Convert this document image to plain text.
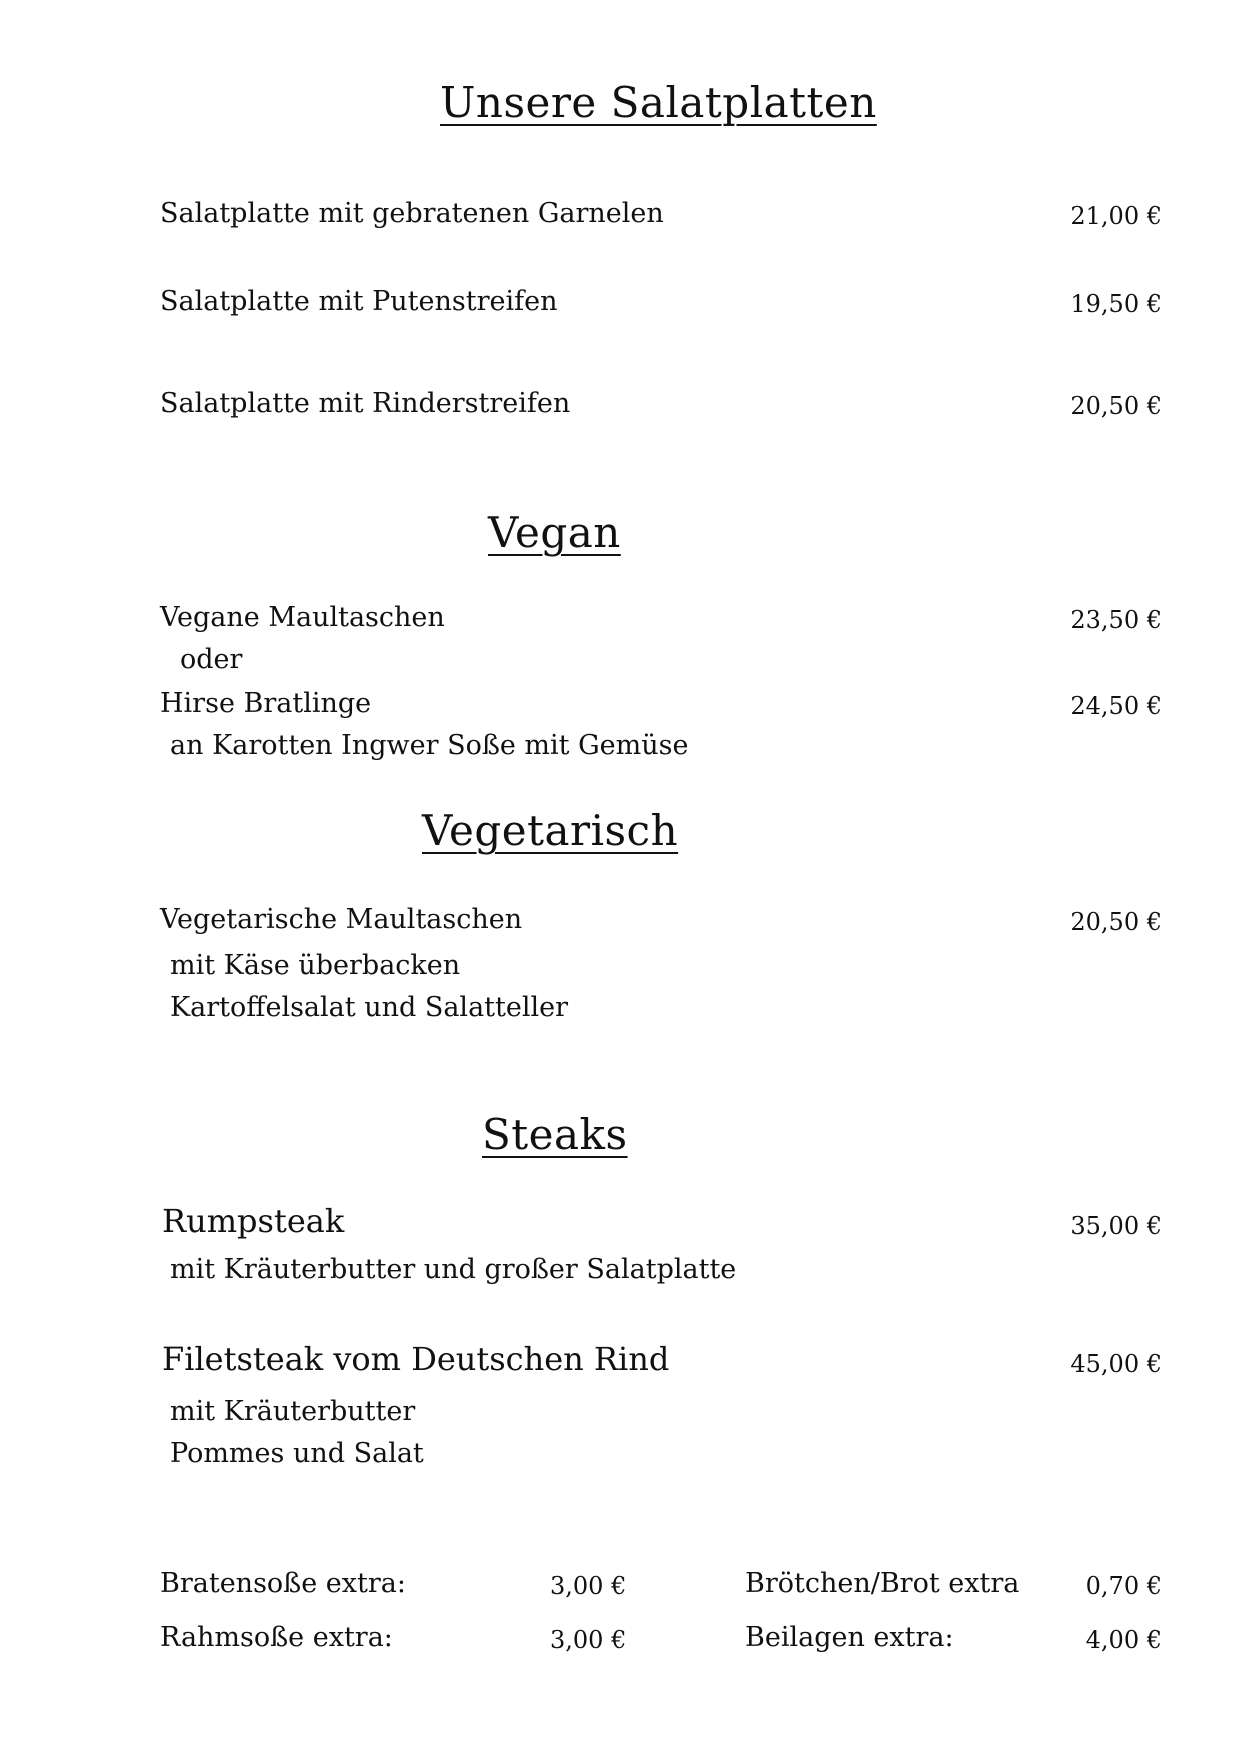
Unsere Salatplatten
Salatplatte mit gebratenen Garnelen	21,00 €
Salatplatte mit Putenstreifen	19,50 €
Salatplatte mit Rinderstreifen	20,50 €
Vegan
Vegane Maultaschen	23,50 €
oder
Hirse Bratlinge	24,50 €
an Karotten Ingwer Soße mit Gemüse
Vegetarisch
Vegetarische Maultaschen	20,50 €
mit Käse überbacken
Kartoffelsalat und Salatteller
Steaks
Rumpsteak	35,00 €
mit Kräuterbutter und großer Salatplatte
Filetsteak vom Deutschen Rind	45,00 €
mit Kräuterbutter
Pommes und Salat
Bratensoße extra:	3,00 €
Rahmsoße extra:	3,00 €
Brötchen/Brot extra	0,70 €
Beilagen extra:	4,00 €
